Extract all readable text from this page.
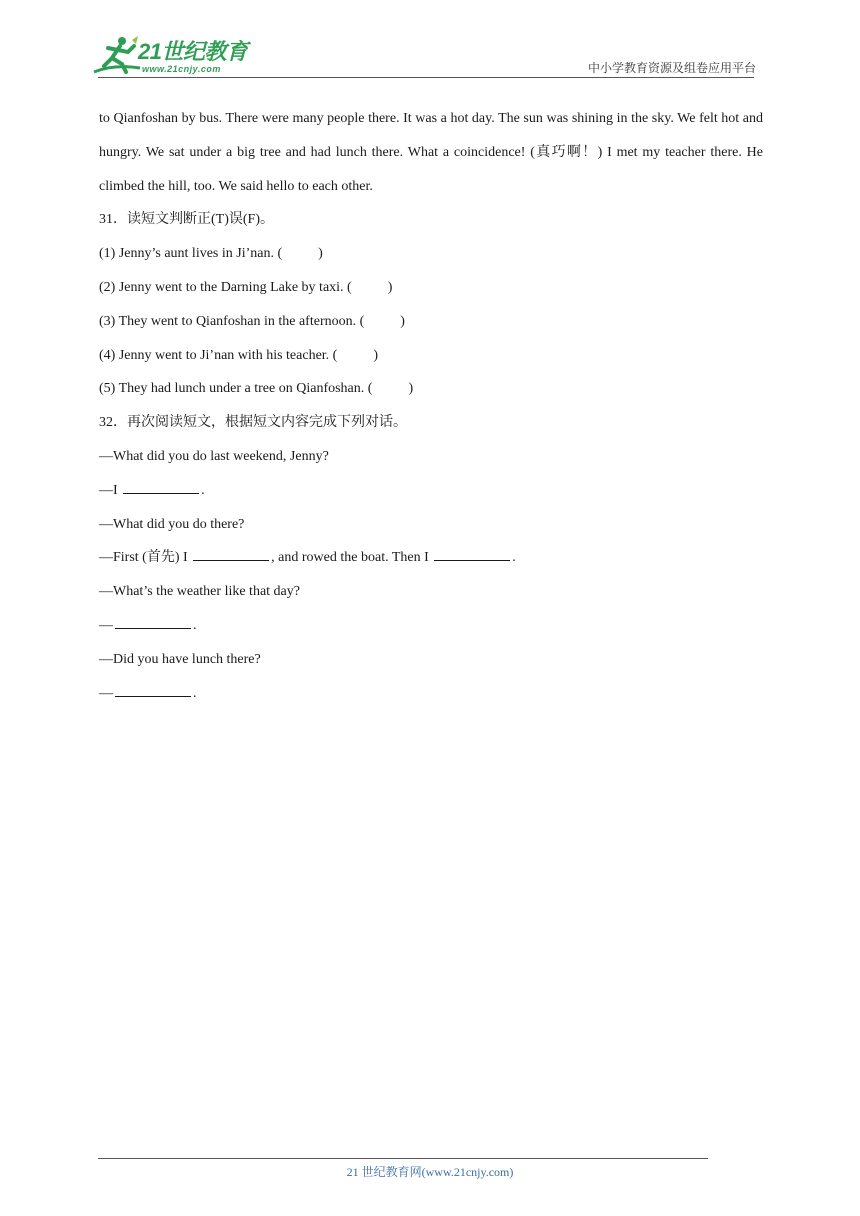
21世纪教育
www.21cnjy.com	中小学教育资源及组卷应用平台

to Qianfoshan by bus. There were many people there. It was a hot day. The sun was shining in the sky. We felt hot and hungry. We sat under a big tree and had lunch there. What a coincidence! (真巧啊！) I met my teacher there. He climbed the hill, too. We said hello to each other.

31．读短文判断正(T)误(F)。
(1) Jenny’s aunt lives in Ji’nan. (	)
(2) Jenny went to the Darning Lake by taxi. (	)
(3) They went to Qianfoshan in the afternoon. (	)
(4) Jenny went to Ji’nan with his teacher. (	)
(5) They had lunch under a tree on Qianfoshan. (	)
32．再次阅读短文，根据短文内容完成下列对话。
—What did you do last weekend, Jenny?
—I	.
—What did you do there?
—First (首先) I	, and rowed the boat. Then I	.
—What’s the weather like that day?
—	.
—Did you have lunch there?
—	.
21 世纪教育网(www.21cnjy.com)
